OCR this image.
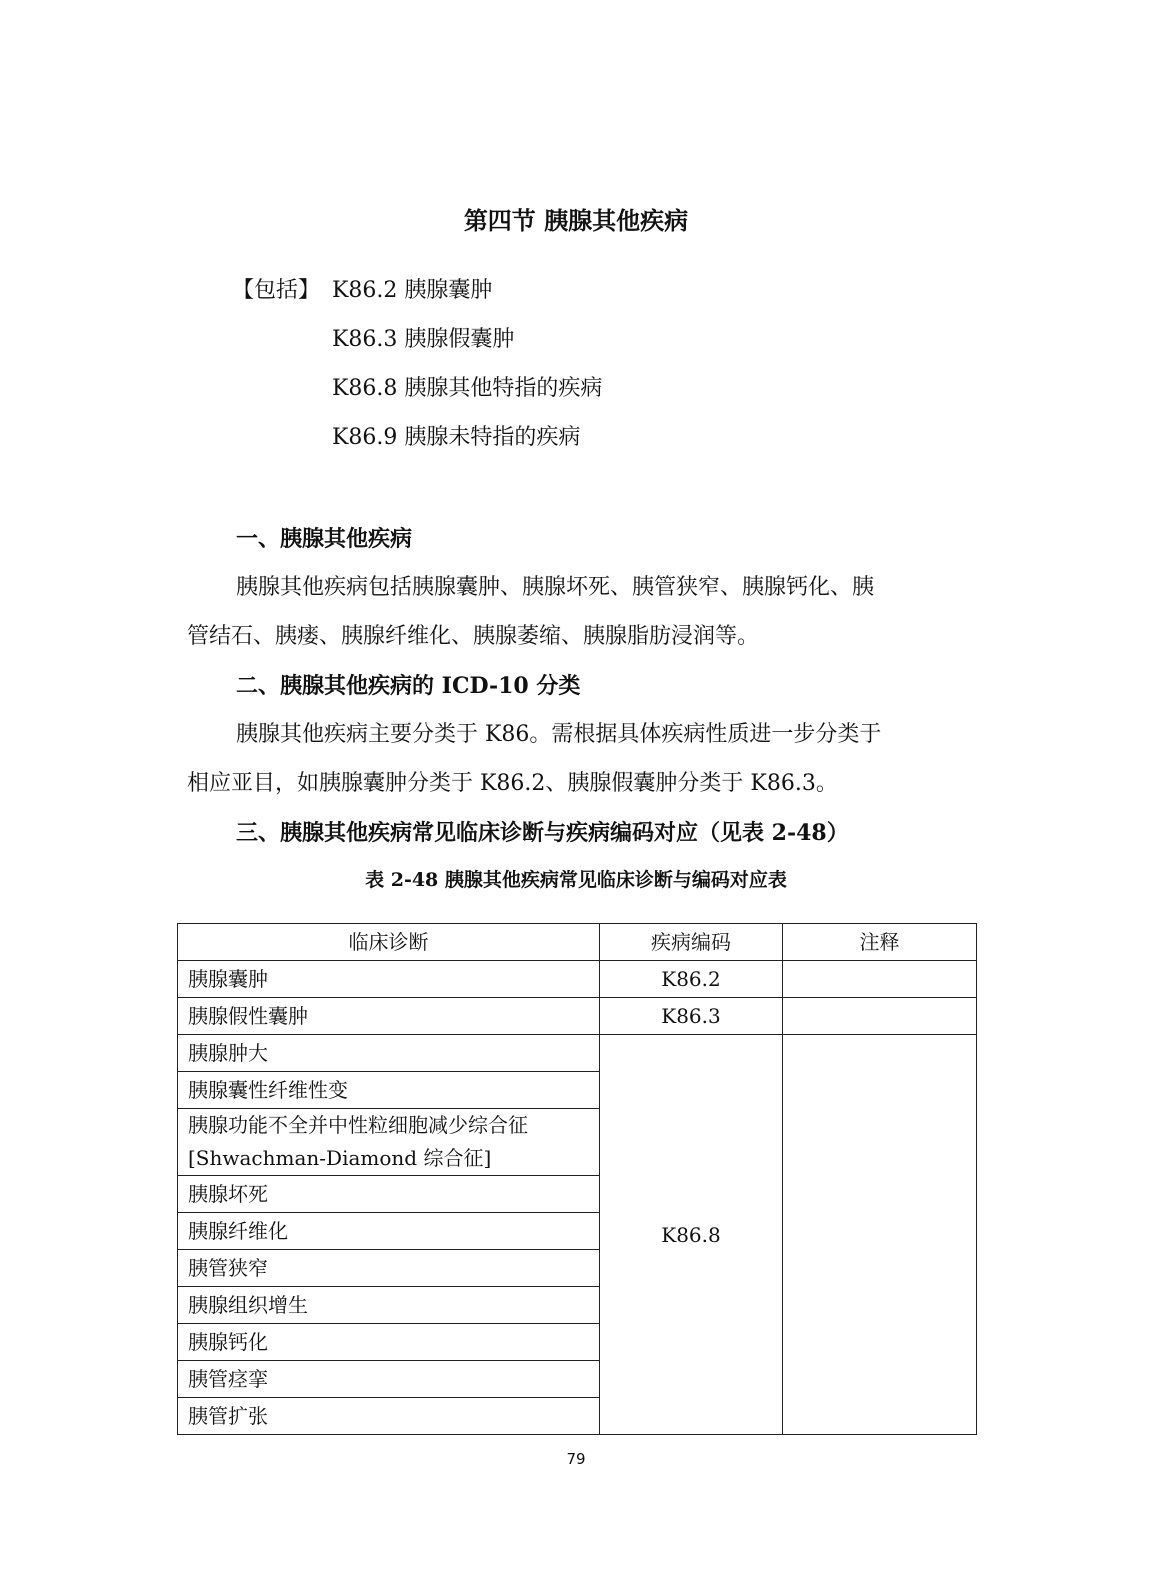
第四节 胰腺其他疾病
【包括】 K86.2 胰腺囊肿
K86.3 胰腺假囊肿
K86.8 胰腺其他特指的疾病
K86.9 胰腺未特指的疾病
一、胰腺其他疾病
胰腺其他疾病包括胰腺囊肿、胰腺坏死、胰管狭窄、胰腺钙化、胰
管结石、胰瘘、胰腺纤维化、胰腺萎缩、胰腺脂肪浸润等。
二、胰腺其他疾病的 ICD-10 分类
胰腺其他疾病主要分类于 K86。需根据具体疾病性质进一步分类于
相应亚目，如胰腺囊肿分类于 K86.2、胰腺假囊肿分类于 K86.3。
三、胰腺其他疾病常见临床诊断与疾病编码对应（见表 2-48）
表 2-48 胰腺其他疾病常见临床诊断与编码对应表
临床诊断	疾病编码	注释
胰腺囊肿	K86.2	
胰腺假性囊肿	K86.3	
胰腺肿大	K86.8	
胰腺囊性纤维性变		
胰腺功能不全并中性粒细胞减少综合征
[Shwachman-Diamond 综合征]		
胰腺坏死		
胰腺纤维化		
胰管狭窄		
胰腺组织增生		
胰腺钙化		
胰管痉挛		
胰管扩张		
79
